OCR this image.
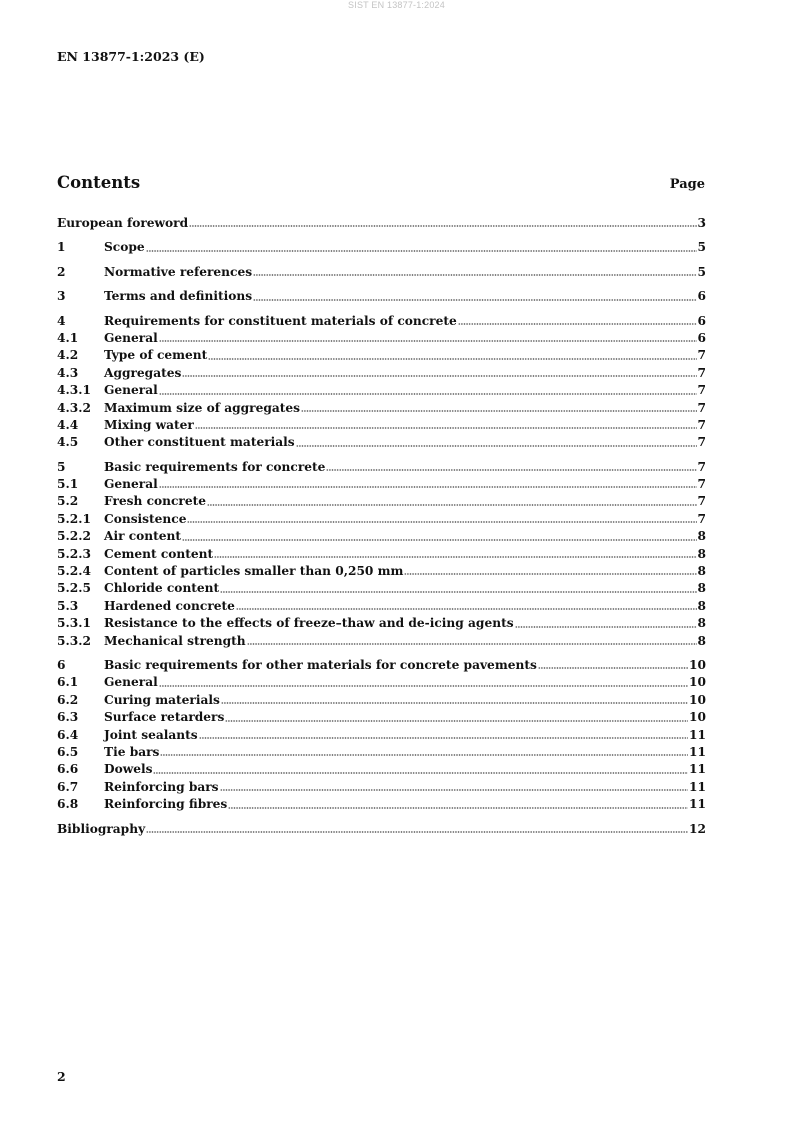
SIST EN 13877-1:2024
EN 13877-1:2023 (E)
Contents	Page
European foreword	3
1	Scope	5
2	Normative references	5
3	Terms and definitions	6
4	Requirements for constituent materials of concrete	6
4.1	General	6
4.2	Type of cement	7
4.3	Aggregates	7
4.3.1	General	7
4.3.2	Maximum size of aggregates	7
4.4	Mixing water	7
4.5	Other constituent materials	7
5	Basic requirements for concrete	7
5.1	General	7
5.2	Fresh concrete	7
5.2.1	Consistence	7
5.2.2	Air content	8
5.2.3	Cement content	8
5.2.4	Content of particles smaller than 0,250 mm	8
5.2.5	Chloride content	8
5.3	Hardened concrete	8
5.3.1	Resistance to the effects of freeze–thaw and de-icing agents	8
5.3.2	Mechanical strength	8
6	Basic requirements for other materials for concrete pavements	10
6.1	General	10
6.2	Curing materials	10
6.3	Surface retarders	10
6.4	Joint sealants	11
6.5	Tie bars	11
6.6	Dowels	11
6.7	Reinforcing bars	11
6.8	Reinforcing fibres	11
Bibliography	12
2
